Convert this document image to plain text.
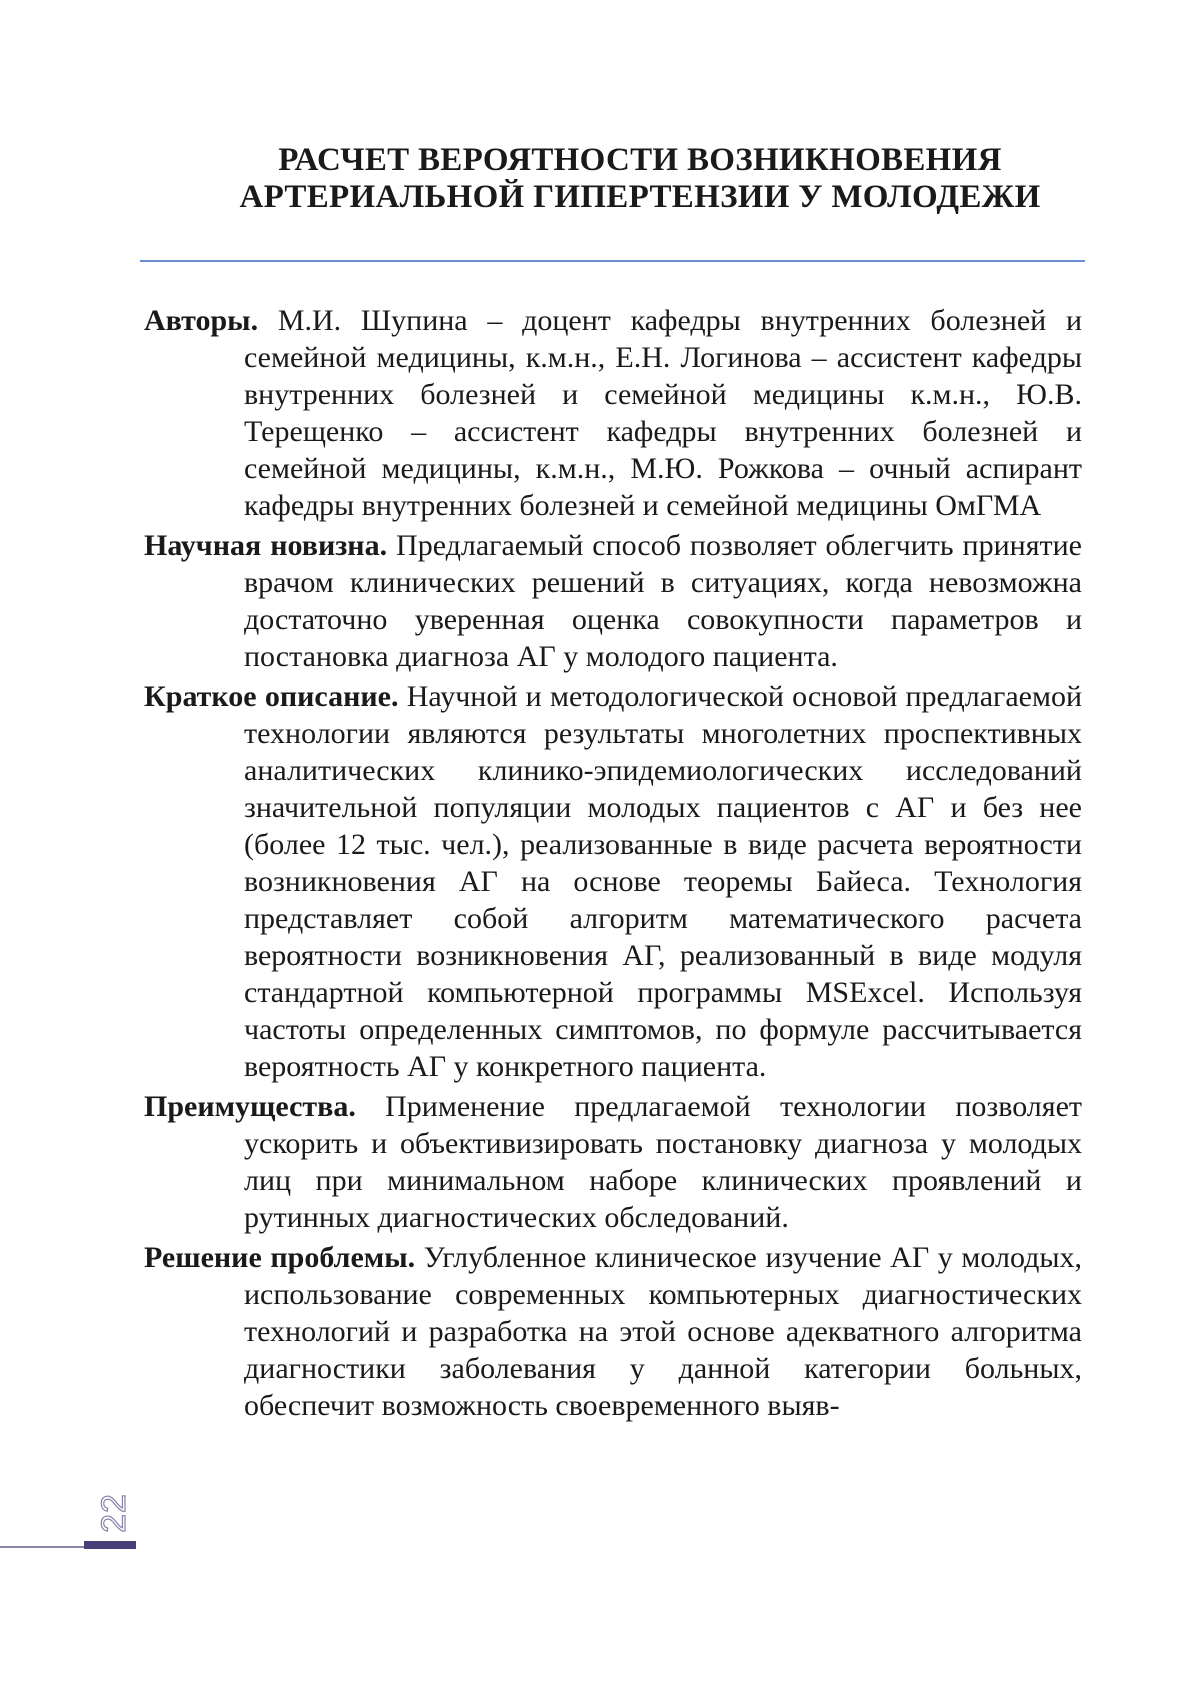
РАСЧЕТ ВЕРОЯТНОСТИ ВОЗНИКНОВЕНИЯ
АРТЕРИАЛЬНОЙ ГИПЕРТЕНЗИИ У МОЛОДЕЖИ

Авторы. М.И. Шупина – доцент кафедры внутренних болезней и семейной медицины, к.м.н., Е.Н. Логинова – ассистент кафедры внутренних болезней и семейной медицины к.м.н., Ю.В. Терещенко – ассистент кафедры внутренних болезней и семейной медицины, к.м.н., М.Ю. Рожкова – очный аспирант кафедры внутренних болезней и семейной медицины ОмГМА

Научная новизна. Предлагаемый способ позволяет облегчить принятие врачом клинических решений в ситуациях, когда невозможна достаточно уверенная оценка совокупности параметров и постановка диагноза АГ у молодого пациента.

Краткое описание. Научной и методологической основой предлагаемой технологии являются результаты многолетних проспективных аналитических клинико-эпидемиологических исследований значительной популяции молодых пациентов с АГ и без нее (более 12 тыс. чел.), реализованные в виде расчета вероятности возникновения АГ на основе теоремы Байеса. Технология представляет собой алгоритм математического расчета вероятности возникновения АГ, реализованный в виде модуля стандартной компьютерной программы MSExcel. Используя частоты определенных симптомов, по формуле рассчитывается вероятность АГ у конкретного пациента.

Преимущества. Применение предлагаемой технологии позволяет ускорить и объективизировать постановку диагноза у молодых лиц при минимальном наборе клинических проявлений и рутинных диагностических обследований.

Решение проблемы. Углубленное клиническое изучение АГ у молодых, использование современных компьютерных диагностических технологий и разработка на этой основе адекватного алгоритма диагностики заболевания у данной категории больных, обеспечит возможность своевременного выяв-

22
